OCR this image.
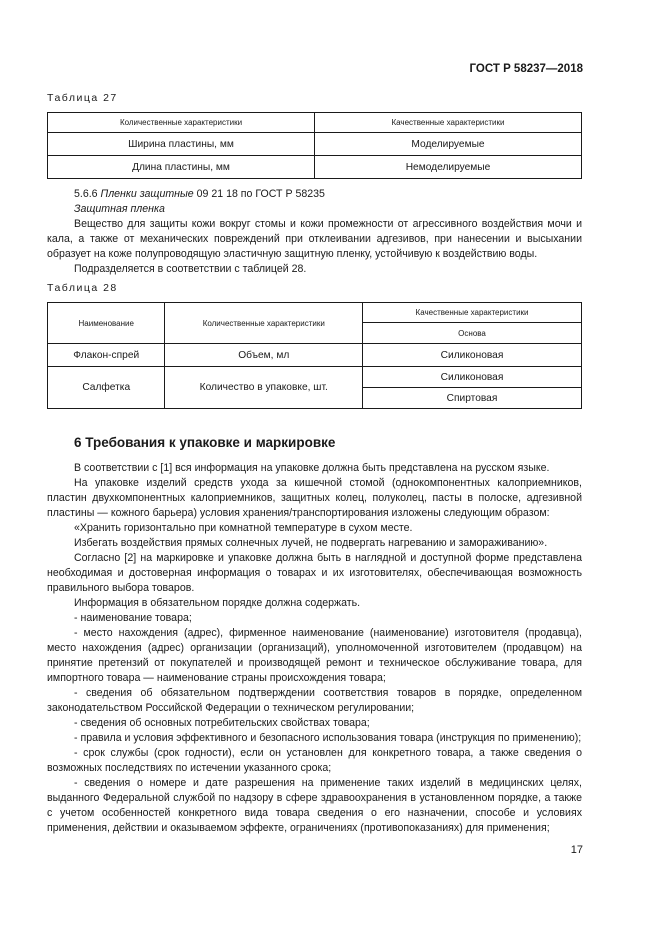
ГОСТ Р 58237—2018
Таблица 27
Количественные характеристики	Качественные характеристики
Ширина пластины, мм	Моделируемые
Длина пластины, мм	Немоделируемые

5.6.6 Пленки защитные 09 21 18 по ГОСТ Р 58235

Защитная пленка

Вещество для защиты кожи вокруг стомы и кожи промежности от агрессивного воздействия мочи и кала, а также от механических повреждений при отклеивании адгезивов, при нанесении и высыхании образует на коже полупроводящую эластичную защитную пленку, устойчивую к воздействию воды.

Подразделяется в соответствии с таблицей 28.

Таблица 28
Наименование	Количественные характеристики	Качественные характеристики
		Основа
Флакон-спрей	Объем, мл	Силиконовая
Салфетка	Количество в упаковке, шт.	Силиконовая
		Спиртовая
6 Требования к упаковке и маркировке

В соответствии с [1] вся информация на упаковке должна быть представлена на русском языке.

На упаковке изделий средств ухода за кишечной стомой (однокомпонентных калоприемников, пластин двухкомпонентных калоприемников, защитных колец, полуколец, пасты в полоске, адгезивной пластины — кожного барьера) условия хранения/транспортирования изложены следующим образом:

«Хранить горизонтально при комнатной температуре в сухом месте.

Избегать воздействия прямых солнечных лучей, не подвергать нагреванию и замораживанию».

Согласно [2] на маркировке и упаковке должна быть в наглядной и доступной форме представлена необходимая и достоверная информация о товарах и их изготовителях, обеспечивающая возможность правильного выбора товаров.

Информация в обязательном порядке должна содержать.

- наименование товара;

- место нахождения (адрес), фирменное наименование (наименование) изготовителя (продавца), место нахождения (адрес) организации (организаций), уполномоченной изготовителем (продавцом) на принятие претензий от покупателей и производящей ремонт и техническое обслуживание товара, для импортного товара — наименование страны происхождения товара;

- сведения об обязательном подтверждении соответствия товаров в порядке, определенном законодательством Российской Федерации о техническом регулировании;

- сведения об основных потребительских свойствах товара;

- правила и условия эффективного и безопасного использования товара (инструкция по применению);

- срок службы (срок годности), если он установлен для конкретного товара, а также сведения о возможных последствиях по истечении указанного срока;

- сведения о номере и дате разрешения на применение таких изделий в медицинских целях, выданного Федеральной службой по надзору в сфере здравоохранения в установленном порядке, а также с учетом особенностей конкретного вида товара сведения о его назначении, способе и условиях применения, действии и оказываемом эффекте, ограничениях (противопоказаниях) для применения;

17
